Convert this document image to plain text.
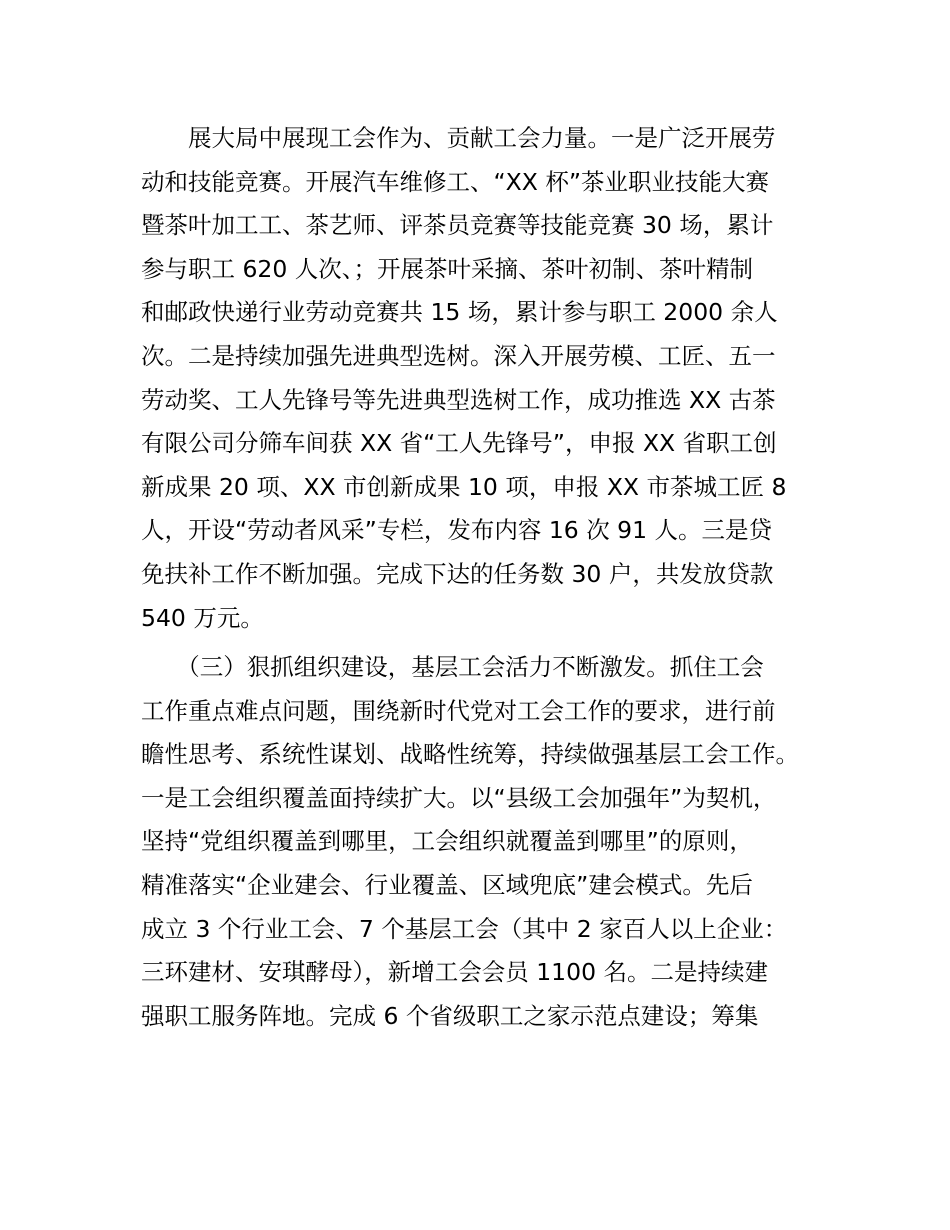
　　展大局中展现工会作为、贡献工会力量。一是广泛开展劳
动和技能竞赛。开展汽车维修工、“XX 杯”茶业职业技能大赛
暨茶叶加工工、茶艺师、评茶员竞赛等技能竞赛 30 场，累计
参与职工 620 人次、；开展茶叶采摘、茶叶初制、茶叶精制
和邮政快递行业劳动竞赛共 15 场，累计参与职工 2000 余人
次。二是持续加强先进典型选树。深入开展劳模、工匠、五一
劳动奖、工人先锋号等先进典型选树工作，成功推选 XX 古茶
有限公司分筛车间获 XX 省“工人先锋号”，申报 XX 省职工创
新成果 20 项、XX 市创新成果 10 项，申报 XX 市茶城工匠 8
人，开设“劳动者风采”专栏，发布内容 16 次 91 人。三是贷
免扶补工作不断加强。完成下达的任务数 30 户，共发放贷款
540 万元。
　　（三）狠抓组织建设，基层工会活力不断激发。抓住工会
工作重点难点问题，围绕新时代党对工会工作的要求，进行前
瞻性思考、系统性谋划、战略性统筹，持续做强基层工会工作。
一是工会组织覆盖面持续扩大。以“县级工会加强年”为契机，
坚持“党组织覆盖到哪里，工会组织就覆盖到哪里”的原则，
精准落实“企业建会、行业覆盖、区域兜底”建会模式。先后
成立 3 个行业工会、7 个基层工会（其中 2 家百人以上企业：
三环建材、安琪酵母），新增工会会员 1100 名。二是持续建
强职工服务阵地。完成 6 个省级职工之家示范点建设；筹集
